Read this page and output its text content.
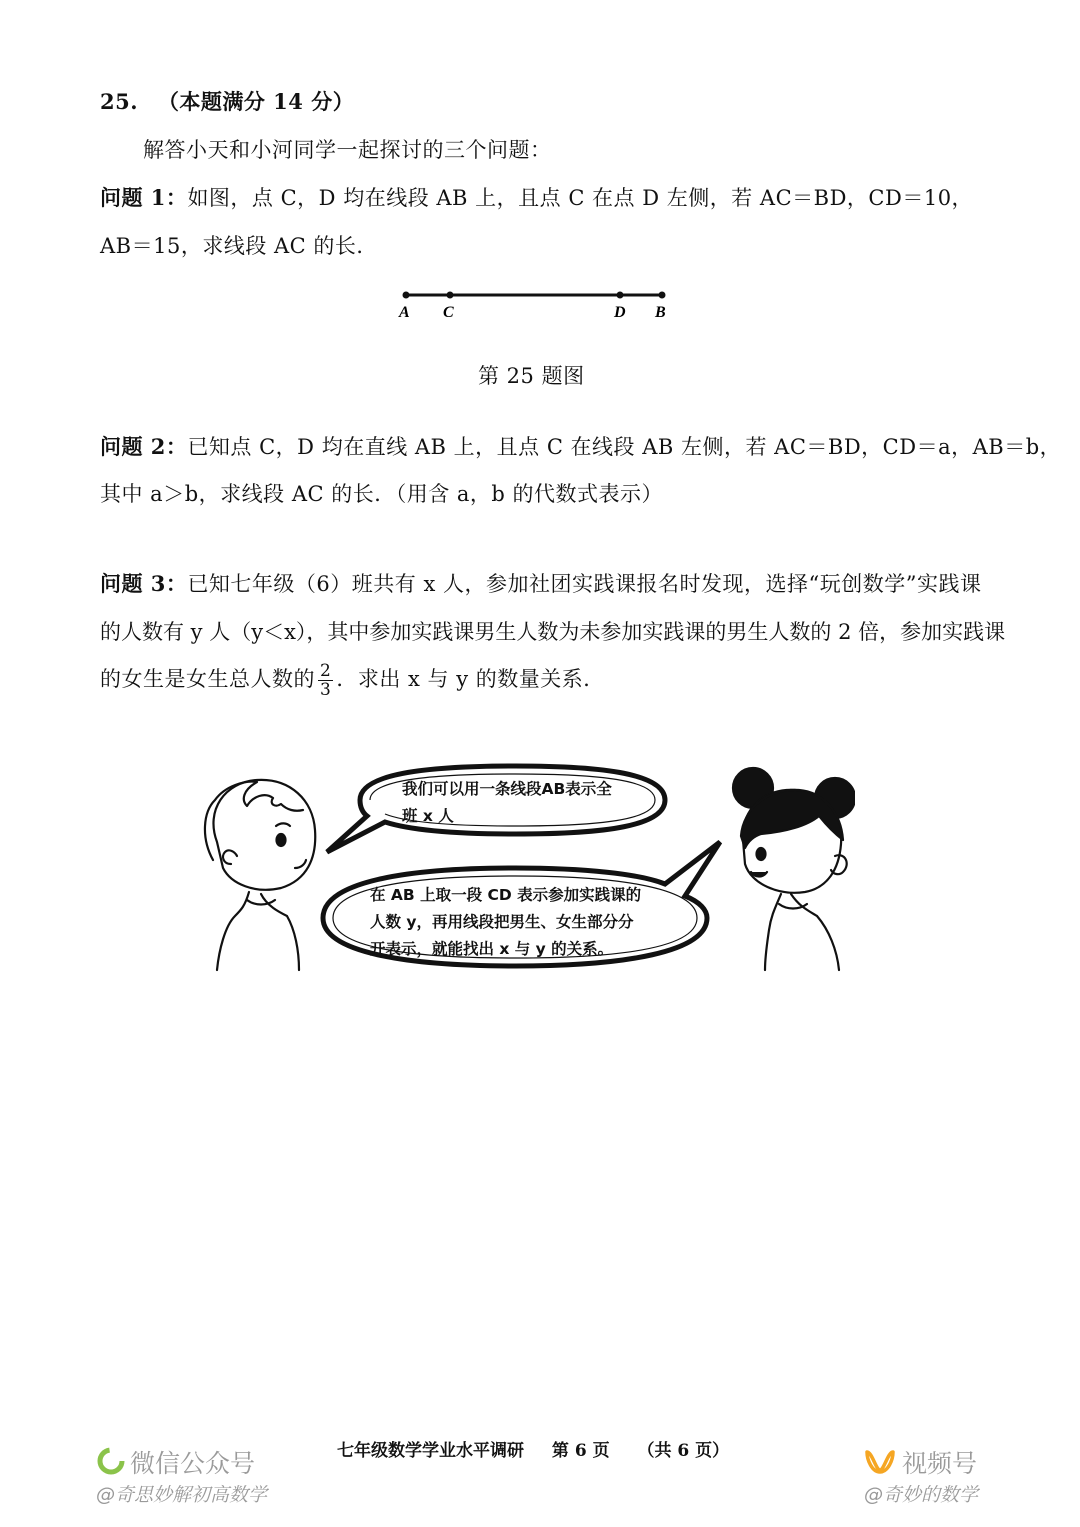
25. （本题满分 14 分）
解答小天和小河同学一起探讨的三个问题：
问题 1：如图，点 C，D 均在线段 AB 上，且点 C 在点 D 左侧，若 AC＝BD，CD＝10，
AB＝15，求线段 AC 的长．
A C	D B
第 25 题图
问题 2：已知点 C，D 均在直线 AB 上，且点 C 在线段 AB 左侧，若 AC＝BD，CD＝a，AB＝b，
其中 a＞b，求线段 AC 的长．（用含 a，b 的代数式表示）
问题 3：已知七年级（6）班共有 x 人，参加社团实践课报名时发现，选择“玩创数学”实践课
的人数有 y 人（y＜x），其中参加实践课男生人数为未参加实践课的男生人数的 2 倍，参加实践课
的女生是女生总人数的 $\frac{2}{3}$ ．求出 x 与 y 的数量关系．
我们可以用一条线段AB表示全
班 x 人
在 AB 上取一段 CD 表示参加实践课的
人数 y，再用线段把男生、女生部分分
开表示，就能找出 x 与 y 的关系。
七年级数学学业水平调研 第 6 页 （共 6 页）
微信公众号
@奇思妙解初高数学
视频号
@奇妙的数学
